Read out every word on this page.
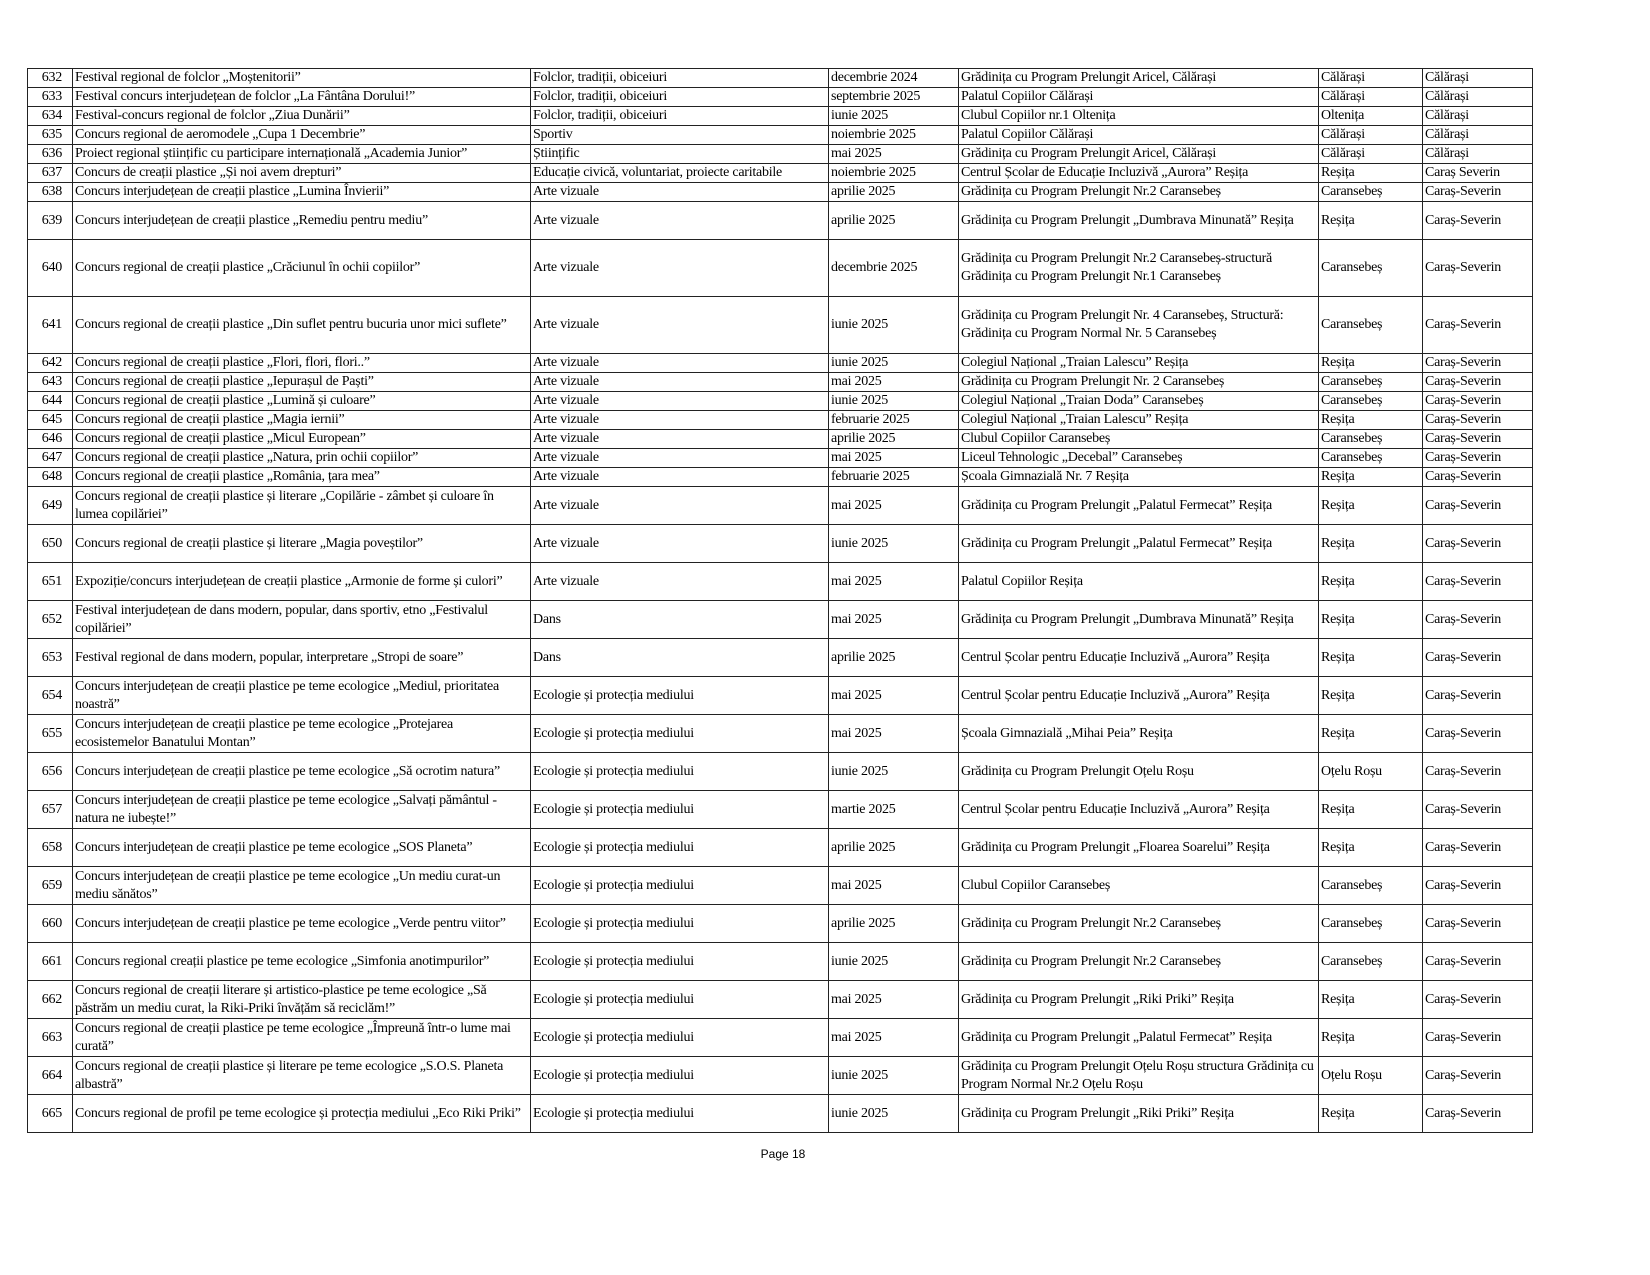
632	Festival regional de folclor „Moștenitorii”	Folclor, tradiții, obiceiuri	decembrie 2024	Grădinița cu Program Prelungit Aricel, Călărași	Călărași	Călărași
633	Festival concurs interjudețean de folclor „La Fântâna Dorului!”	Folclor, tradiții, obiceiuri	septembrie 2025	Palatul Copiilor Călărași	Călărași	Călărași
634	Festival-concurs regional de folclor „Ziua Dunării”	Folclor, tradiții, obiceiuri	iunie 2025	Clubul Copiilor nr.1 Oltenița	Oltenița	Călărași
635	Concurs regional de aeromodele „Cupa 1 Decembrie”	Sportiv	noiembrie 2025	Palatul Copiilor Călărași	Călărași	Călărași
636	Proiect regional științific cu participare internațională „Academia Junior”	Științific	mai 2025	Grădinița cu Program Prelungit Aricel, Călărași	Călărași	Călărași
637	Concurs de creații plastice „Și noi avem drepturi”	Educație civică, voluntariat, proiecte caritabile	noiembrie 2025	Centrul Școlar de Educație Incluzivă „Aurora” Reșița	Reșița	Caraș Severin
638	Concurs interjudețean de creații plastice „Lumina Învierii”	Arte vizuale	aprilie 2025	Grădinița cu Program Prelungit Nr.2 Caransebeș	Caransebeș	Caraș-Severin
639	Concurs interjudețean de creații plastice „Remediu pentru mediu”	Arte vizuale	aprilie 2025	Grădinița cu Program Prelungit „Dumbrava Minunată” Reșița	Reșița	Caraș-Severin
640	Concurs regional de creații plastice „Crăciunul în ochii copiilor”	Arte vizuale	decembrie 2025	Grădinița cu Program Prelungit Nr.2 Caransebeș-structură Grădinița cu Program Prelungit Nr.1 Caransebeș	Caransebeș	Caraș-Severin
641	Concurs regional de creații plastice „Din suflet pentru bucuria unor mici suflete”	Arte vizuale	iunie 2025	Grădinița cu Program Prelungit Nr. 4 Caransebeș, Structură: Grădinița cu Program Normal Nr. 5 Caransebeș	Caransebeș	Caraș-Severin
642	Concurs regional de creații plastice „Flori, flori, flori..”	Arte vizuale	iunie 2025	Colegiul Național „Traian Lalescu” Reșița	Reșița	Caraș-Severin
643	Concurs regional de creații plastice „Iepurașul de Paști”	Arte vizuale	mai 2025	Grădinița cu Program Prelungit Nr. 2 Caransebeș	Caransebeș	Caraș-Severin
644	Concurs regional de creații plastice „Lumină și culoare”	Arte vizuale	iunie 2025	Colegiul Național „Traian Doda” Caransebeș	Caransebeș	Caraș-Severin
645	Concurs regional de creații plastice „Magia iernii”	Arte vizuale	februarie 2025	Colegiul Național „Traian Lalescu” Reșița	Reșița	Caraș-Severin
646	Concurs regional de creații plastice „Micul European”	Arte vizuale	aprilie 2025	Clubul Copiilor Caransebeș	Caransebeș	Caraș-Severin
647	Concurs regional de creații plastice „Natura, prin ochii copiilor”	Arte vizuale	mai 2025	Liceul Tehnologic „Decebal” Caransebeș	Caransebeș	Caraș-Severin
648	Concurs regional de creații plastice „România, țara mea”	Arte vizuale	februarie 2025	Școala Gimnazială Nr. 7 Reșița	Reșița	Caraș-Severin
649	Concurs regional de creații plastice și literare „Copilărie - zâmbet și culoare în lumea copilăriei”	Arte vizuale	mai 2025	Grădinița cu Program Prelungit „Palatul Fermecat” Reșița	Reșița	Caraș-Severin
650	Concurs regional de creații plastice și literare „Magia poveștilor”	Arte vizuale	iunie 2025	Grădinița cu Program Prelungit „Palatul Fermecat” Reșița	Reșița	Caraș-Severin
651	Expoziție/concurs interjudețean de creații plastice „Armonie de forme și culori”	Arte vizuale	mai 2025	Palatul Copiilor Reșița	Reșița	Caraș-Severin
652	Festival interjudețean de dans modern, popular, dans sportiv, etno „Festivalul copilăriei”	Dans	mai 2025	Grădinița cu Program Prelungit „Dumbrava Minunată” Reșița	Reșița	Caraș-Severin
653	Festival regional de dans modern, popular, interpretare „Stropi de soare”	Dans	aprilie 2025	Centrul Școlar pentru Educație Incluzivă „Aurora” Reșița	Reșița	Caraș-Severin
654	Concurs interjudețean de creații plastice pe teme ecologice „Mediul, prioritatea noastră”	Ecologie și protecția mediului	mai 2025	Centrul Școlar pentru Educație Incluzivă „Aurora” Reșița	Reșița	Caraș-Severin
655	Concurs interjudețean de creații plastice pe teme ecologice „Protejarea ecosistemelor Banatului Montan”	Ecologie și protecția mediului	mai 2025	Școala Gimnazială „Mihai Peia” Reșița	Reșița	Caraș-Severin
656	Concurs interjudețean de creații plastice pe teme ecologice „Să ocrotim natura”	Ecologie și protecția mediului	iunie 2025	Grădinița cu Program Prelungit Oțelu Roșu	Oțelu Roșu	Caraș-Severin
657	Concurs interjudețean de creații plastice pe teme ecologice „Salvați pământul - natura ne iubește!”	Ecologie și protecția mediului	martie 2025	Centrul Școlar pentru Educație Incluzivă „Aurora” Reșița	Reșița	Caraș-Severin
658	Concurs interjudețean de creații plastice pe teme ecologice „SOS Planeta”	Ecologie și protecția mediului	aprilie 2025	Grădinița cu Program Prelungit „Floarea Soarelui” Reșița	Reșița	Caraș-Severin
659	Concurs interjudețean de creații plastice pe teme ecologice „Un mediu curat-un mediu sănătos”	Ecologie și protecția mediului	mai 2025	Clubul Copiilor Caransebeș	Caransebeș	Caraș-Severin
660	Concurs interjudețean de creații plastice pe teme ecologice „Verde pentru viitor”	Ecologie și protecția mediului	aprilie 2025	Grădinița cu Program Prelungit Nr.2 Caransebeș	Caransebeș	Caraș-Severin
661	Concurs regional creații plastice pe teme ecologice „Simfonia anotimpurilor”	Ecologie și protecția mediului	iunie 2025	Grădinița cu Program Prelungit Nr.2 Caransebeș	Caransebeș	Caraș-Severin
662	Concurs regional de creații literare și artistico-plastice pe teme ecologice „Să păstrăm un mediu curat, la Riki-Priki învățăm să reciclăm!”	Ecologie și protecția mediului	mai 2025	Grădinița cu Program Prelungit „Riki Priki” Reșița	Reșița	Caraș-Severin
663	Concurs regional de creații plastice pe teme ecologice „Împreună într-o lume mai curată”	Ecologie și protecția mediului	mai 2025	Grădinița cu Program Prelungit „Palatul Fermecat” Reșița	Reșița	Caraș-Severin
664	Concurs regional de creații plastice și literare pe teme ecologice „S.O.S. Planeta albastră”	Ecologie și protecția mediului	iunie 2025	Grădinița cu Program Prelungit Oțelu Roșu structura Grădinița cu Program Normal Nr.2 Oțelu Roșu	Oțelu Roșu	Caraș-Severin
665	Concurs regional de profil pe teme ecologice și protecția mediului „Eco Riki Priki”	Ecologie și protecția mediului	iunie 2025	Grădinița cu Program Prelungit „Riki Priki” Reșița	Reșița	Caraș-Severin
Page 18
